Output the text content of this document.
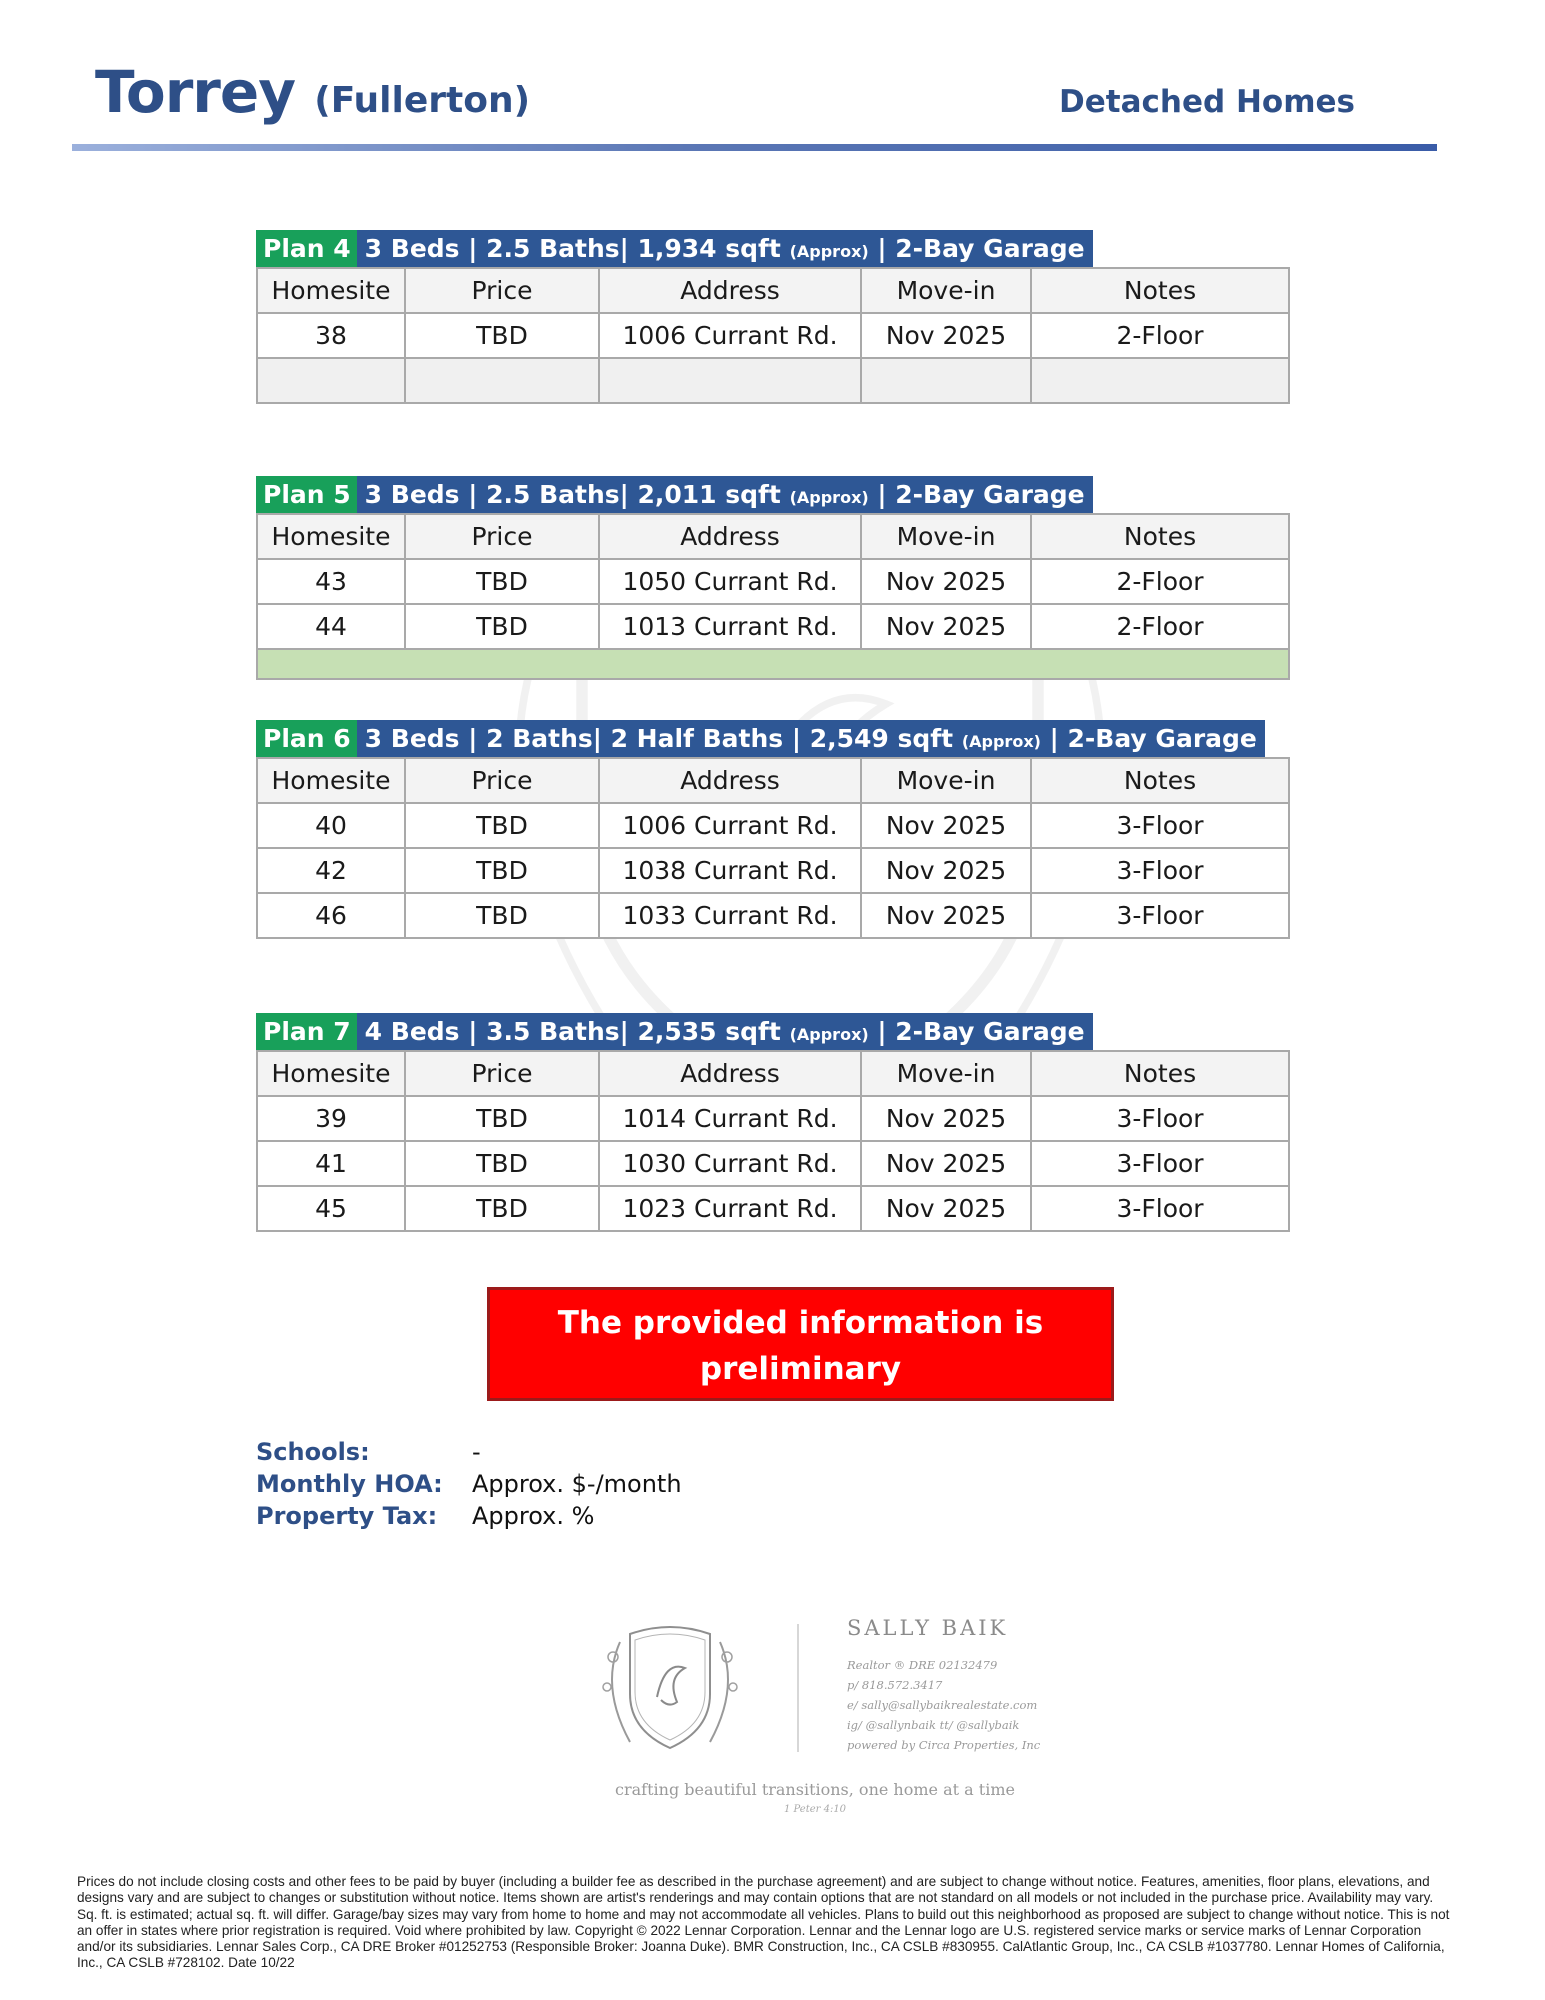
Torrey (Fullerton)	Detached Homes
Plan 4 3 Beds | 2.5 Baths| 1,934 sqft (Approx) | 2-Bay Garage
Homesite	Price	Address	Move-in	Notes
38	TBD	1006 Currant Rd.	Nov 2025	2-Floor

Plan 5 3 Beds | 2.5 Baths| 2,011 sqft (Approx) | 2-Bay Garage
Homesite	Price	Address	Move-in	Notes
43	TBD	1050 Currant Rd.	Nov 2025	2-Floor
44	TBD	1013 Currant Rd.	Nov 2025	2-Floor

Plan 6 3 Beds | 2 Baths| 2 Half Baths | 2,549 sqft (Approx) | 2-Bay Garage
Homesite	Price	Address	Move-in	Notes
40	TBD	1006 Currant Rd.	Nov 2025	3-Floor
42	TBD	1038 Currant Rd.	Nov 2025	3-Floor
46	TBD	1033 Currant Rd.	Nov 2025	3-Floor
Plan 7 4 Beds | 3.5 Baths| 2,535 sqft (Approx) | 2-Bay Garage
Homesite	Price	Address	Move-in	Notes
39	TBD	1014 Currant Rd.	Nov 2025	3-Floor
41	TBD	1030 Currant Rd.	Nov 2025	3-Floor
45	TBD	1023 Currant Rd.	Nov 2025	3-Floor
The provided information is preliminary
and subject to change!
Schools:	-
Monthly HOA:	Approx. $-/month
Property Tax:	Approx. %
SALLY BAIK
Realtor ® DRE 02132479
p/ 818.572.3417
e/ sally@sallybaikrealestate.com
ig/ @sallynbaik tt/ @sallybaik
powered by Circa Properties, Inc
crafting beautiful transitions, one home at a time
1 Peter 4:10
Prices do not include closing costs and other fees to be paid by buyer (including a builder fee as described in the purchase agreement) and are subject to change without notice. Features, amenities, floor plans, elevations, and designs vary and are subject to changes or substitution without notice. Items shown are artist's renderings and may contain options that are not standard on all models or not included in the purchase price. Availability may vary. Sq. ft. is estimated; actual sq. ft. will differ. Garage/bay sizes may vary from home to home and may not accommodate all vehicles. Plans to build out this neighborhood as proposed are subject to change without notice. This is not an offer in states where prior registration is required. Void where prohibited by law. Copyright © 2022 Lennar Corporation. Lennar and the Lennar logo are U.S. registered service marks or service marks of Lennar Corporation and/or its subsidiaries. Lennar Sales Corp., CA DRE Broker #01252753 (Responsible Broker: Joanna Duke). BMR Construction, Inc., CA CSLB #830955. CalAtlantic Group, Inc., CA CSLB #1037780. Lennar Homes of California, Inc., CA CSLB #728102. Date 10/22
